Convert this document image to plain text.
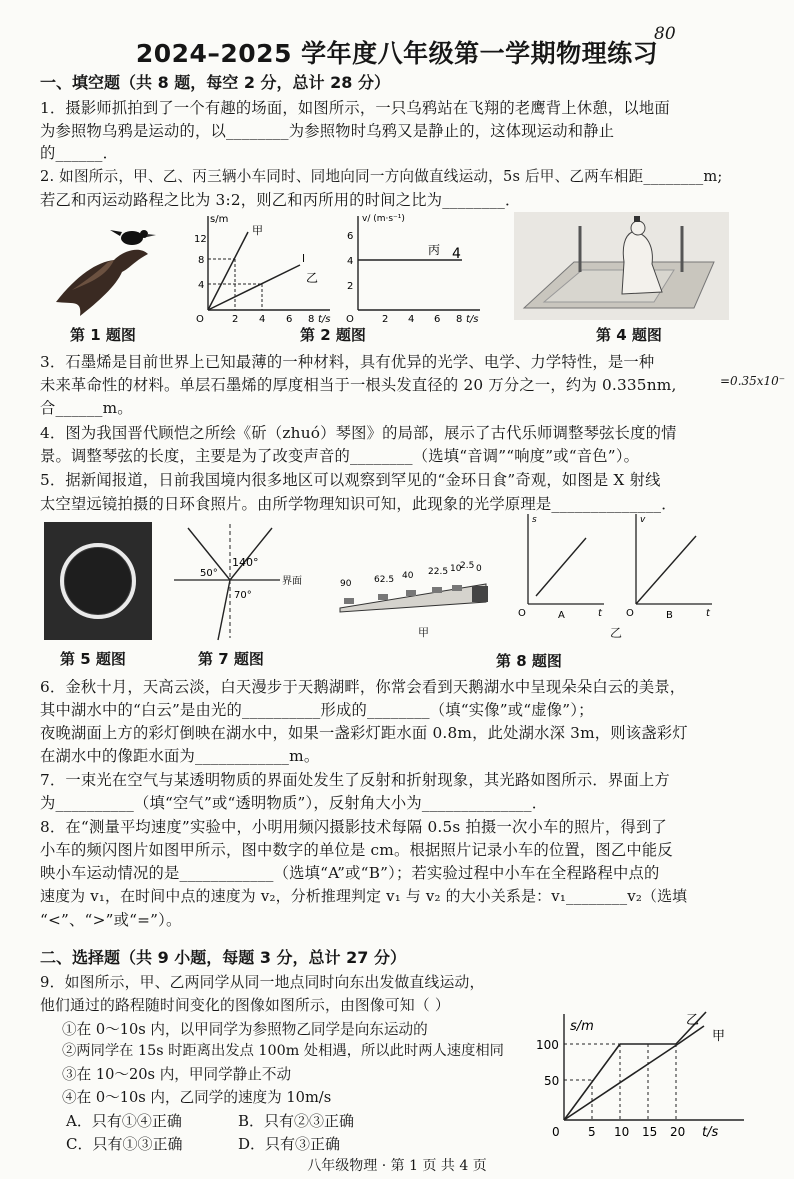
2024–2025 学年度八年级第一学期物理练习
80
一、填空题（共 8 题，每空 2 分，总计 28 分）
1．摄影师抓拍到了一个有趣的场面，如图所示，一只乌鸦站在飞翔的老鹰背上休憩，以地面
为参照物乌鸦是运动的，以________为参照物时乌鸦又是静止的，这体现运动和静止
的______．
2. 如图所示，甲、乙、丙三辆小车同时、同地向同一方向做直线运动，5s 后甲、乙两车相距________m;
若乙和丙运动路程之比为 3:2，则乙和丙所用的时间之比为________．
第 1 题图
s/m
12
8
4
O	2 4 6 8 t/s
甲
l
乙
v/ (m·s⁻¹)
6
4
2
O	2 4 6 8 t/s
丙 4
第 2 题图	第 4 题图
3．石墨烯是目前世界上已知最薄的一种材料，具有优异的光学、电学、力学特性，是一种
未来革命性的材料。单层石墨烯的厚度相当于一根头发直径的 20 万分之一，约为 0.335nm,	=0.35x10⁻
合______m。
4．图为我国晋代顾恺之所绘《斫（zhuó）琴图》的局部，展示了古代乐师调整琴弦长度的情
景。调整琴弦的长度，主要是为了改变声音的________（选填“音调”“响度”或“音色”）。
5．据新闻报道，日前我国境内很多地区可以观察到罕见的“金环日食”奇观，如图是 X 射线
太空望远镜拍摄的日环食照片。由所学物理知识可知，此现象的光学原理是______________．
第 5 题图
50°
140°
70°
界面
第 7 题图
90	62.5 40 22.5 10
2.5 0
甲
s
O	t
A
v
O	t
B
乙
第 8 题图
6．金秋十月，天高云淡，白天漫步于天鹅湖畔，你常会看到天鹅湖水中呈现朵朵白云的美景，
其中湖水中的“白云”是由光的__________形成的________（填“实像”或“虚像”）；
夜晚湖面上方的彩灯倒映在湖水中，如果一盏彩灯距水面 0.8m，此处湖水深 3m，则该盏彩灯
在湖水中的像距水面为____________m。
7．一束光在空气与某透明物质的界面处发生了反射和折射现象，其光路如图所示．界面上方
为__________（填“空气”或“透明物质”），反射角大小为______________．
8．在“测量平均速度”实验中，小明用频闪摄影技术每隔 0.5s 拍摄一次小车的照片，得到了
小车的频闪图片如图甲所示，图中数字的单位是 cm。根据照片记录小车的位置，图乙中能反
映小车运动情况的是____________（选填“A”或“B”）；若实验过程中小车在全程路程中点的
速度为 v₁，在时间中点的速度为 v₂，分析推理判定 v₁ 与 v₂ 的大小关系是：v₁________v₂（选填
“<”、“>”或“=”）。
二、选择题（共 9 小题，每题 3 分，总计 27 分）
9．如图所示，甲、乙两同学从同一地点同时向东出发做直线运动，
他们通过的路程随时间变化的图像如图所示，由图像可知（ ）
①在 0～10s 内，以甲同学为参照物乙同学是向东运动的
②两同学在 15s 时距离出发点 100m 处相遇，所以此时两人速度相同
③在 10～20s 内，甲同学静止不动
④在 0～10s 内，乙同学的速度为 10m/s
A．只有①④正确	B．只有②③正确
C．只有①③正确	D．只有③正确
s/m
100
50
0 5 10 15 20 t/s
乙
甲
八年级物理 · 第 1 页 共 4 页
